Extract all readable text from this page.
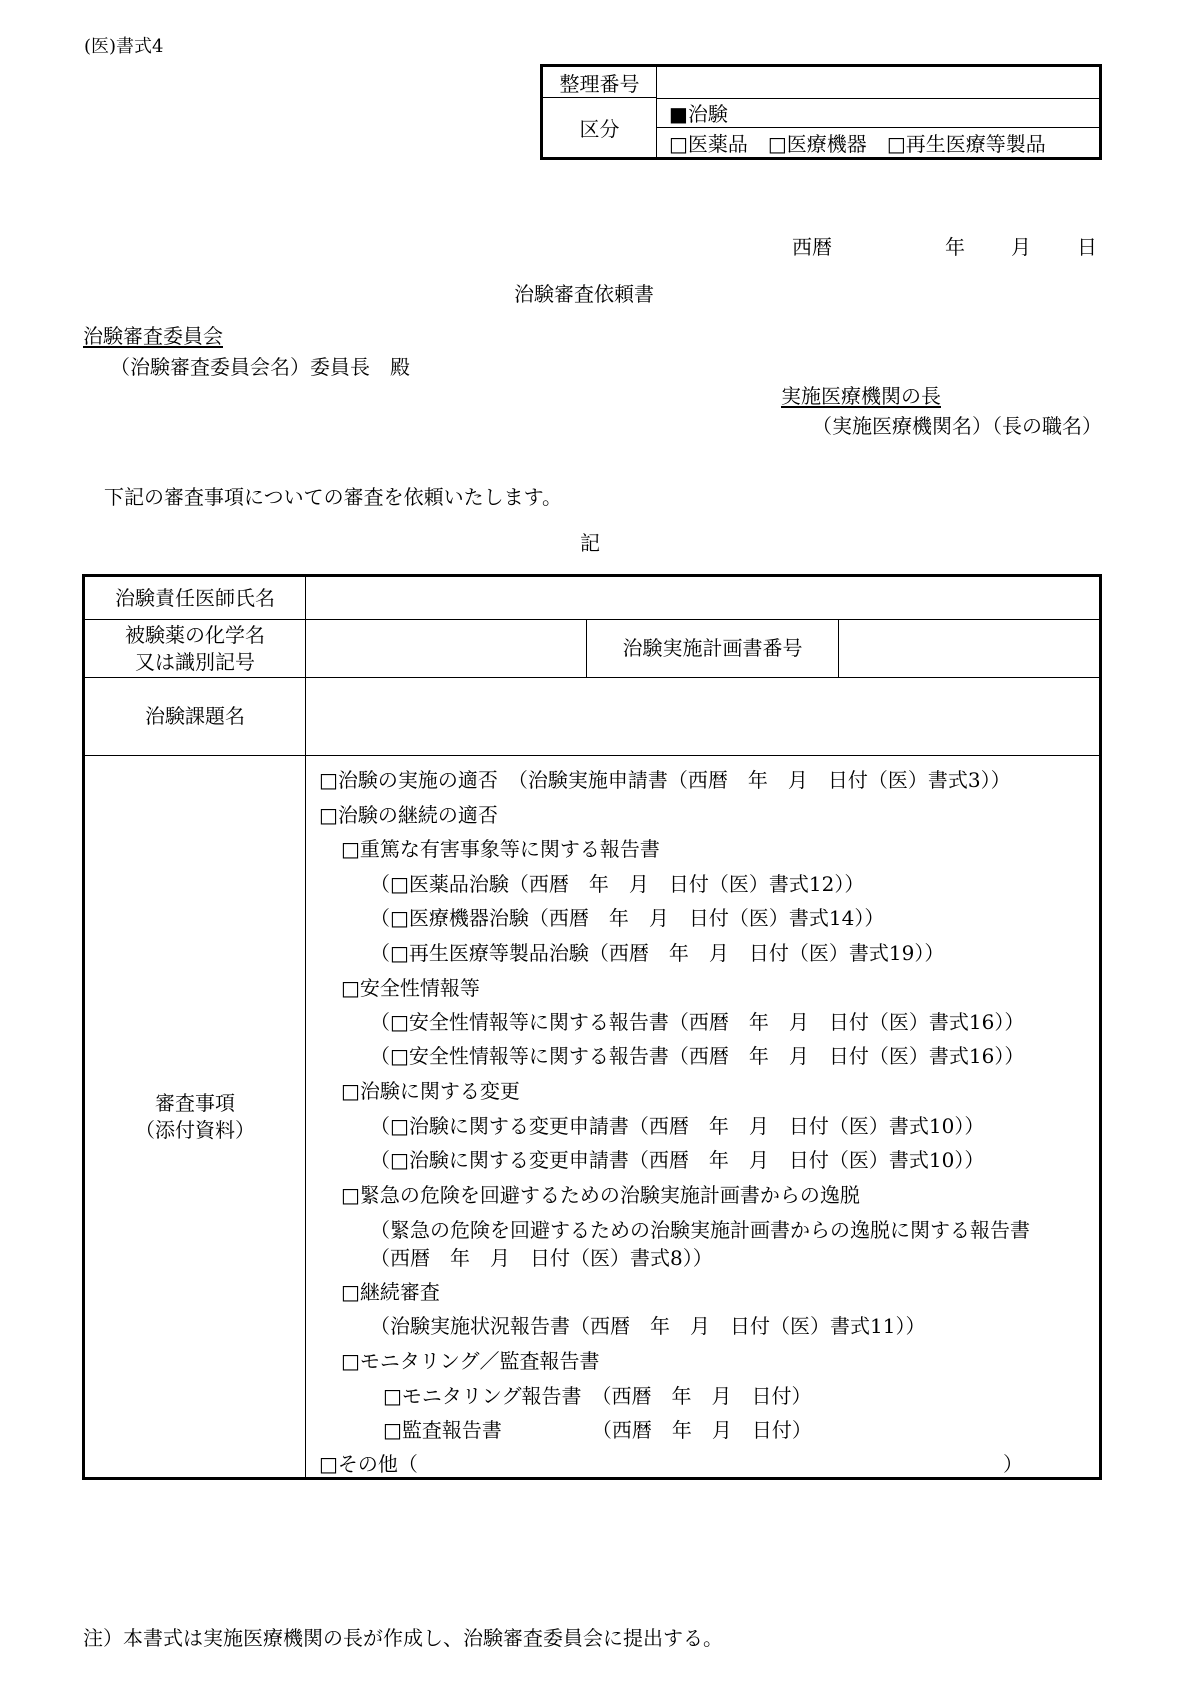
(医)書式4
整理番号
区分
■治験
□医薬品 □医療機器 □再生医療等製品
西暦	年 月 日
治験審査依頼書
治験審査委員会
（治験審査委員会名）委員長　殿
実施医療機関の長
（実施医療機関名）（長の職名）
下記の審査事項についての審査を依頼いたします。
記
治験責任医師氏名
被験薬の化学名
又は識別記号
治験実施計画書番号
治験課題名
審査事項
（添付資料）
□治験の実施の適否　（治験実施申請書（西暦　年　月　日付（医）書式3））
□治験の継続の適否
□重篤な有害事象等に関する報告書
（□医薬品治験（西暦　年　月　日付（医）書式12））
（□医療機器治験（西暦　年　月　日付（医）書式14））
（□再生医療等製品治験（西暦　年　月　日付（医）書式19））
□安全性情報等
（□安全性情報等に関する報告書（西暦　年　月　日付（医）書式16））
（□安全性情報等に関する報告書（西暦　年　月　日付（医）書式16））
□治験に関する変更
（□治験に関する変更申請書（西暦　年　月　日付（医）書式10））
（□治験に関する変更申請書（西暦　年　月　日付（医）書式10））
□緊急の危険を回避するための治験実施計画書からの逸脱
（緊急の危険を回避するための治験実施計画書からの逸脱に関する報告書
（西暦　年　月　日付（医）書式8））
□継続審査
（治験実施状況報告書（西暦　年　月　日付（医）書式11））
□モニタリング／監査報告書
□モニタリング報告書　（西暦　年　月　日付）
□監査報告書　　　　　（西暦　年　月　日付）
□その他（	）
注）本書式は実施医療機関の長が作成し、治験審査委員会に提出する。
